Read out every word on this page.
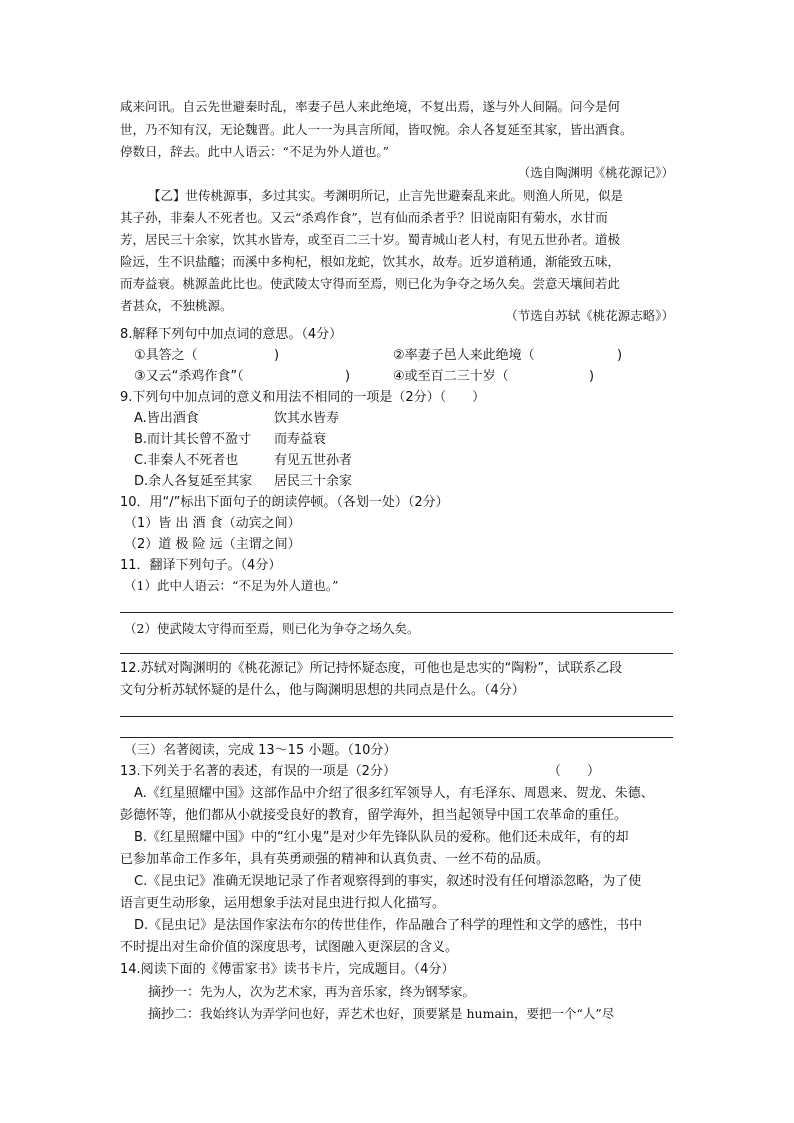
咸来问讯。自云先世避秦时乱，率妻子邑人来此绝境，不复出焉，遂与外人间隔。问今是何
世，乃不知有汉，无论魏晋。此人一一为具言所闻，皆叹惋。余人各复延至其家，皆出酒食。
停数日，辞去。此中人语云：“不足为外人道也。”
（选自陶渊明《桃花源记》）
【乙】世传桃源事，多过其实。考渊明所记，止言先世避秦乱来此。则渔人所见，似是
其子孙，非秦人不死者也。又云“杀鸡作食”，岂有仙而杀者乎？旧说南阳有菊水，水甘而
芳，居民三十余家，饮其水皆寿，或至百二三十岁。蜀青城山老人村，有见五世孙者。道极
险远，生不识盐醯；而溪中多枸杞，根如龙蛇，饮其水，故寿。近岁道稍通，渐能致五味，
而寿益衰。桃源盖此比也。使武陵太守得而至焉，则已化为争夺之场久矣。尝意天壤间若此
者甚众，不独桃源。
（节选自苏轼《桃花源志略》）
8.解释下列句中加点词的意思。（4分）
①具答之（	)	②率妻子邑人来此绝境（	)
③又云“杀鸡作食”（	)	④或至百二三十岁（	)
9.下列句中加点词的意义和用法不相同的一项是（2分）（　　）
A.皆出酒食	饮其水皆寿
B.而计其长曾不盈寸 而寿益衰
C.非秦人不死者也	有见五世孙者
D.余人各复延至其家 居民三十余家
10．用“/”标出下面句子的朗读停顿。（各划一处）（2分）
（1）皆 出 酒 食（动宾之间）
（2）道 极 险 远（主谓之间）
11．翻译下列句子。（4分）
（1）此中人语云：“不足为外人道也。”
（2）使武陵太守得而至焉，则已化为争夺之场久矣。
12.苏轼对陶渊明的《桃花源记》所记持怀疑态度，可他也是忠实的“陶粉”，试联系乙段
文句分析苏轼怀疑的是什么，他与陶渊明思想的共同点是什么。（4分）
（三）名著阅读，完成 13～15 小题。（10分）
13.下列关于名著的表述，有误的一项是（2分）	（　　）
A.《红星照耀中国》这部作品中介绍了很多红军领导人，有毛泽东、周恩来、贺龙、朱德、
彭德怀等，他们都从小就接受良好的教育，留学海外，担当起领导中国工农革命的重任。
B.《红星照耀中国》中的“红小鬼”是对少年先锋队队员的爱称。他们还未成年，有的却
已参加革命工作多年，具有英勇顽强的精神和认真负责、一丝不苟的品质。
C.《昆虫记》准确无误地记录了作者观察得到的事实，叙述时没有任何增添忽略，为了使
语言更生动形象，运用想象手法对昆虫进行拟人化描写。
D.《昆虫记》是法国作家法布尔的传世佳作，作品融合了科学的理性和文学的感性，书中
不时提出对生命价值的深度思考，试图融入更深层的含义。
14.阅读下面的《傅雷家书》读书卡片，完成题目。（4分）
摘抄一：先为人，次为艺术家，再为音乐家，终为钢琴家。
摘抄二：我始终认为弄学问也好，弄艺术也好，顶要紧是 humain，要把一个“人”尽
